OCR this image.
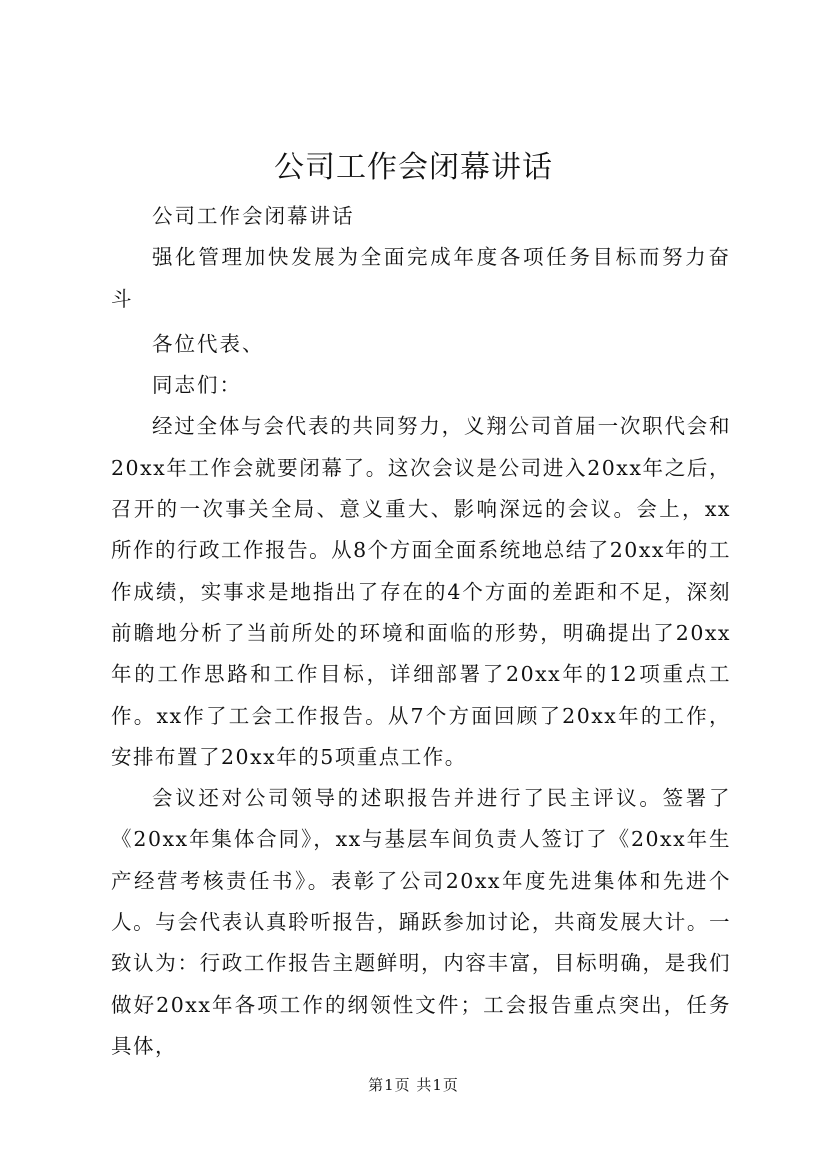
公司工作会闭幕讲话

公司工作会闭幕讲话

强化管理加快发展为全面完成年度各项任务目标而努力奋斗

各位代表、

同志们：

经过全体与会代表的共同努力，义翔公司首届一次职代会和20xx年工作会就要闭幕了。这次会议是公司进入20xx年之后，召开的一次事关全局、意义重大、影响深远的会议。会上，xx所作的行政工作报告。从8个方面全面系统地总结了20xx年的工作成绩，实事求是地指出了存在的4个方面的差距和不足，深刻前瞻地分析了当前所处的环境和面临的形势，明确提出了20xx年的工作思路和工作目标，详细部署了20xx年的12项重点工作。xx作了工会工作报告。从7个方面回顾了20xx年的工作，安排布置了20xx年的5项重点工作。

会议还对公司领导的述职报告并进行了民主评议。签署了《20xx年集体合同》，xx与基层车间负责人签订了《20xx年生产经营考核责任书》。表彰了公司20xx年度先进集体和先进个人。与会代表认真聆听报告，踊跃参加讨论，共商发展大计。一致认为：行政工作报告主题鲜明，内容丰富，目标明确，是我们做好20xx年各项工作的纲领性文件；工会报告重点突出，任务具体，

第1页 共1页
